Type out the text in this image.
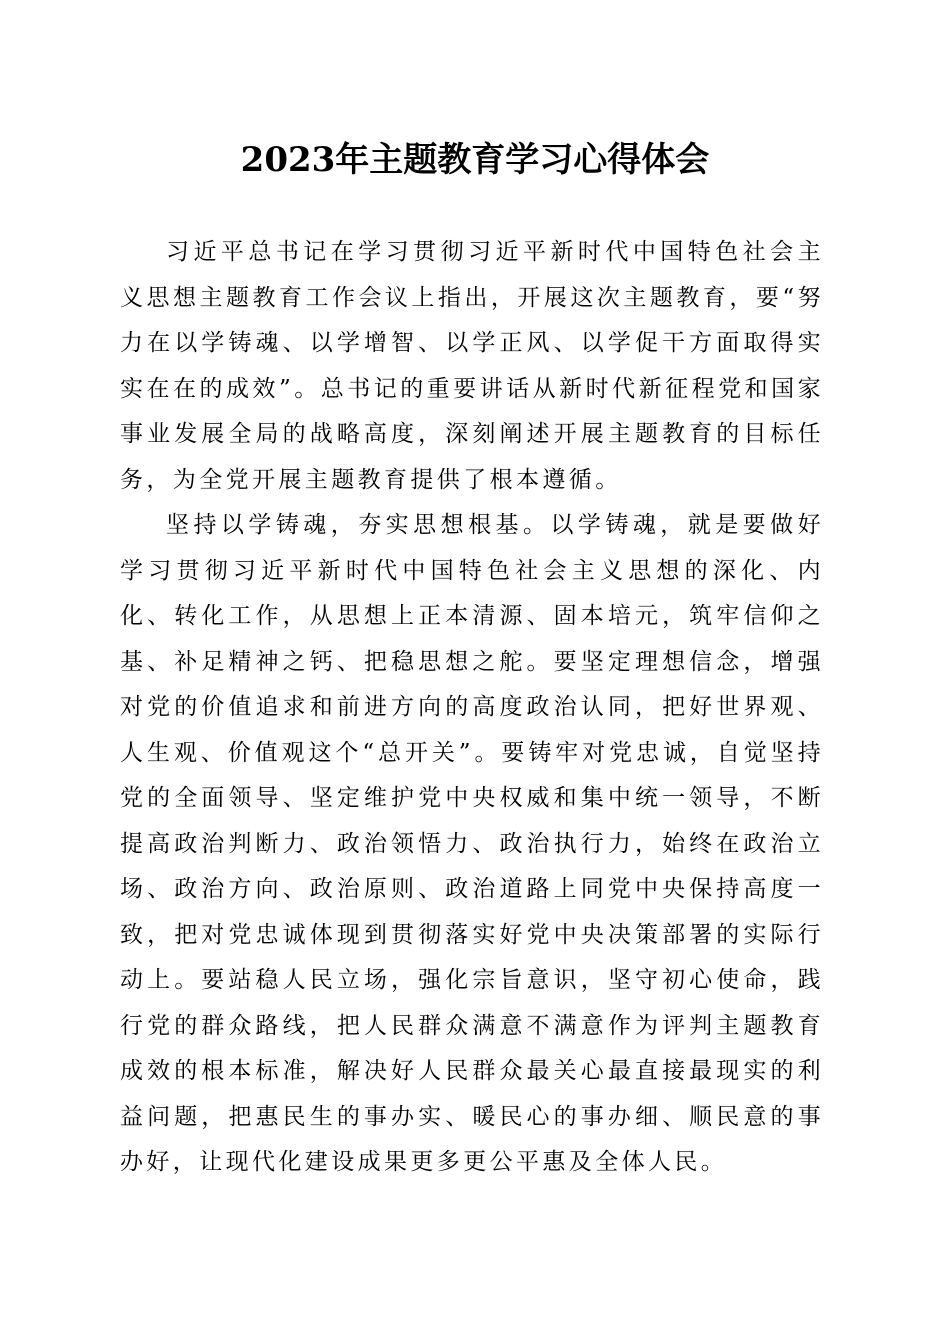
2023年主题教育学习心得体会

习近平总书记在学习贯彻习近平新时代中国特色社会主义思想主题教育工作会议上指出，开展这次主题教育，要“努力在以学铸魂、以学增智、以学正风、以学促干方面取得实实在在的成效”。总书记的重要讲话从新时代新征程党和国家事业发展全局的战略高度，深刻阐述开展主题教育的目标任务，为全党开展主题教育提供了根本遵循。

坚持以学铸魂，夯实思想根基。以学铸魂，就是要做好学习贯彻习近平新时代中国特色社会主义思想的深化、内化、转化工作，从思想上正本清源、固本培元，筑牢信仰之基、补足精神之钙、把稳思想之舵。要坚定理想信念，增强对党的价值追求和前进方向的高度政治认同，把好世界观、人生观、价值观这个“总开关”。要铸牢对党忠诚，自觉坚持党的全面领导、坚定维护党中央权威和集中统一领导，不断提高政治判断力、政治领悟力、政治执行力，始终在政治立场、政治方向、政治原则、政治道路上同党中央保持高度一致，把对党忠诚体现到贯彻落实好党中央决策部署的实际行动上。要站稳人民立场，强化宗旨意识，坚守初心使命，践行党的群众路线，把人民群众满意不满意作为评判主题教育成效的根本标准，解决好人民群众最关心最直接最现实的利益问题，把惠民生的事办实、暖民心的事办细、顺民意的事办好，让现代化建设成果更多更公平惠及全体人民。
